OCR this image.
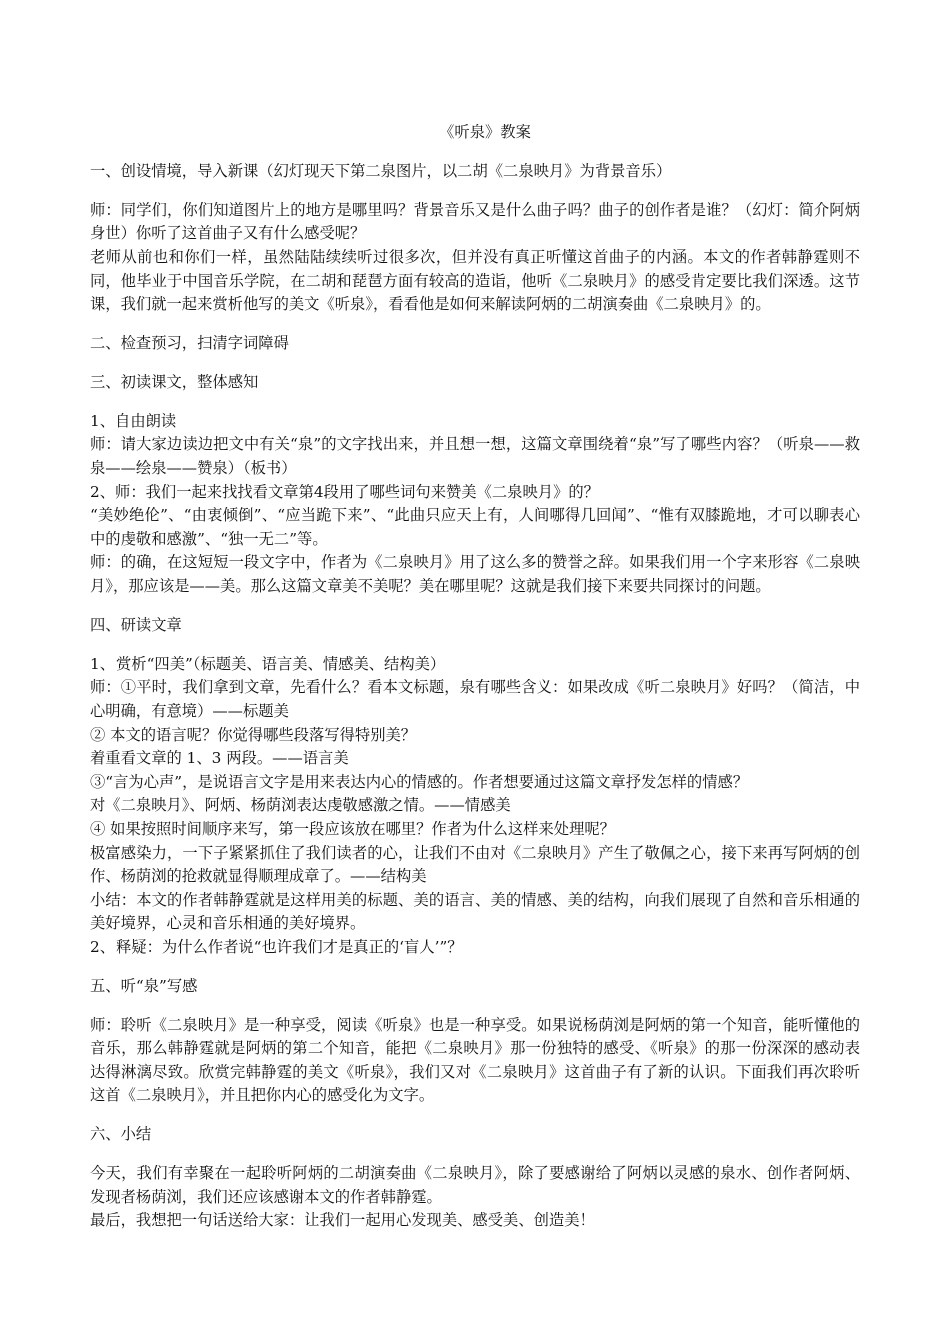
《听泉》教案

一、创设情境，导入新课（幻灯现天下第二泉图片，以二胡《二泉映月》为背景音乐）

师：同学们，你们知道图片上的地方是哪里吗？背景音乐又是什么曲子吗？曲子的创作者是谁？（幻灯：简介阿炳身世）你听了这首曲子又有什么感受呢？

老师从前也和你们一样，虽然陆陆续续听过很多次，但并没有真正听懂这首曲子的内涵。本文的作者韩静霆则不同，他毕业于中国音乐学院，在二胡和琵琶方面有较高的造诣，他听《二泉映月》的感受肯定要比我们深透。这节课，我们就一起来赏析他写的美文《听泉》，看看他是如何来解读阿炳的二胡演奏曲《二泉映月》的。

二、检查预习，扫清字词障碍

三、初读课文，整体感知

1、自由朗读

师：请大家边读边把文中有关“泉”的文字找出来，并且想一想，这篇文章围绕着“泉”写了哪些内容？（听泉——救泉——绘泉——赞泉）（板书）

2、师：我们一起来找找看文章第4段用了哪些词句来赞美《二泉映月》的？

“美妙绝伦”、“由衷倾倒”、“应当跪下来”、“此曲只应天上有，人间哪得几回闻”、“惟有双膝跪地，才可以聊表心中的虔敬和感激”、“独一无二”等。

师：的确，在这短短一段文字中，作者为《二泉映月》用了这么多的赞誉之辞。如果我们用一个字来形容《二泉映月》，那应该是——美。那么这篇文章美不美呢？美在哪里呢？这就是我们接下来要共同探讨的问题。

四、研读文章

1、赏析“四美”（标题美、语言美、情感美、结构美）

师：①平时，我们拿到文章，先看什么？看本文标题，泉有哪些含义：如果改成《听二泉映月》好吗？（简洁，中心明确，有意境）——标题美

② 本文的语言呢？你觉得哪些段落写得特别美？

着重看文章的 1、3 两段。——语言美

③“言为心声”，是说语言文字是用来表达内心的情感的。作者想要通过这篇文章抒发怎样的情感？

对《二泉映月》、阿炳、杨荫浏表达虔敬感激之情。——情感美

④ 如果按照时间顺序来写，第一段应该放在哪里？作者为什么这样来处理呢？

极富感染力，一下子紧紧抓住了我们读者的心，让我们不由对《二泉映月》产生了敬佩之心，接下来再写阿炳的创作、杨荫浏的抢救就显得顺理成章了。——结构美

小结：本文的作者韩静霆就是这样用美的标题、美的语言、美的情感、美的结构，向我们展现了自然和音乐相通的美好境界，心灵和音乐相通的美好境界。

2、释疑：为什么作者说“也许我们才是真正的‘盲人’”？

五、听“泉”写感

师：聆听《二泉映月》是一种享受，阅读《听泉》也是一种享受。如果说杨荫浏是阿炳的第一个知音，能听懂他的音乐，那么韩静霆就是阿炳的第二个知音，能把《二泉映月》那一份独特的感受、《听泉》的那一份深深的感动表达得淋漓尽致。欣赏完韩静霆的美文《听泉》，我们又对《二泉映月》这首曲子有了新的认识。下面我们再次聆听这首《二泉映月》，并且把你内心的感受化为文字。

六、小结

今天，我们有幸聚在一起聆听阿炳的二胡演奏曲《二泉映月》，除了要感谢给了阿炳以灵感的泉水、创作者阿炳、发现者杨荫浏，我们还应该感谢本文的作者韩静霆。

最后，我想把一句话送给大家：让我们一起用心发现美、感受美、创造美！
